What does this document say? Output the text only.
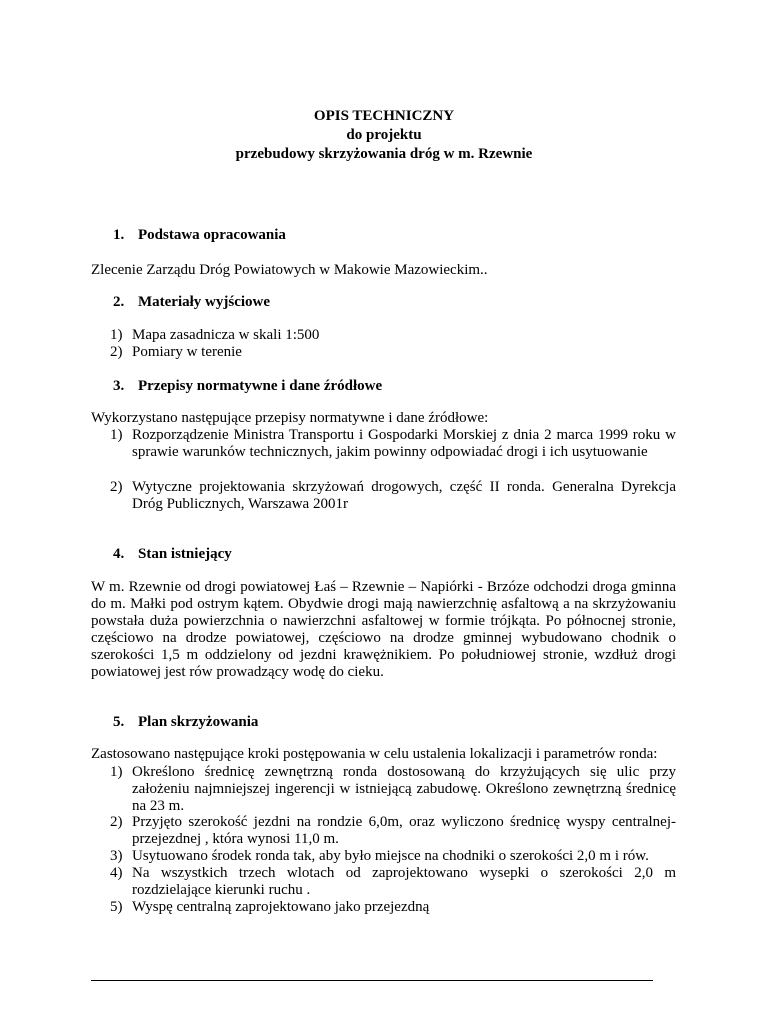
OPIS TECHNICZNY
do projektu
przebudowy skrzyżowania dróg w m. Rzewnie
1. Podstawa opracowania
Zlecenie Zarządu Dróg Powiatowych w Makowie Mazowieckim..
2. Materiały wyjściowe
1) Mapa zasadnicza w skali 1:500
2) Pomiary w terenie
3. Przepisy normatywne i dane źródłowe
Wykorzystano następujące przepisy normatywne i dane źródłowe:
1) Rozporządzenie Ministra Transportu i Gospodarki Morskiej z dnia 2 marca 1999 roku w sprawie warunków technicznych, jakim powinny odpowiadać drogi i ich usytuowanie
2) Wytyczne projektowania skrzyżowań drogowych, część II ronda. Generalna Dyrekcja Dróg Publicznych, Warszawa 2001r
4. Stan istniejący
W m. Rzewnie od drogi powiatowej Łaś – Rzewnie – Napiórki - Brzóze odchodzi droga gminna do m. Małki pod ostrym kątem. Obydwie drogi mają nawierzchnię asfaltową a na skrzyżowaniu powstała duża powierzchnia o nawierzchni asfaltowej w formie trójkąta. Po północnej stronie, częściowo na drodze powiatowej, częściowo na drodze gminnej wybudowano chodnik o szerokości 1,5 m oddzielony od jezdni krawężnikiem. Po południowej stronie, wzdłuż drogi powiatowej jest rów prowadzący wodę do cieku.
5. Plan skrzyżowania
Zastosowano następujące kroki postępowania w celu ustalenia lokalizacji i parametrów ronda:
1) Określono średnicę zewnętrzną ronda dostosowaną do krzyżujących się ulic przy założeniu najmniejszej ingerencji w istniejącą zabudowę. Określono zewnętrzną średnicę na 23 m.
2) Przyjęto szerokość jezdni na rondzie 6,0m, oraz wyliczono średnicę wyspy centralnej-przejezdnej , która wynosi 11,0 m.
3) Usytuowano środek ronda tak, aby było miejsce na chodniki o szerokości 2,0 m i rów.
4) Na wszystkich trzech wlotach od zaprojektowano wysepki o szerokości 2,0 m rozdzielające kierunki ruchu .
5) Wyspę centralną zaprojektowano jako przejezdną
